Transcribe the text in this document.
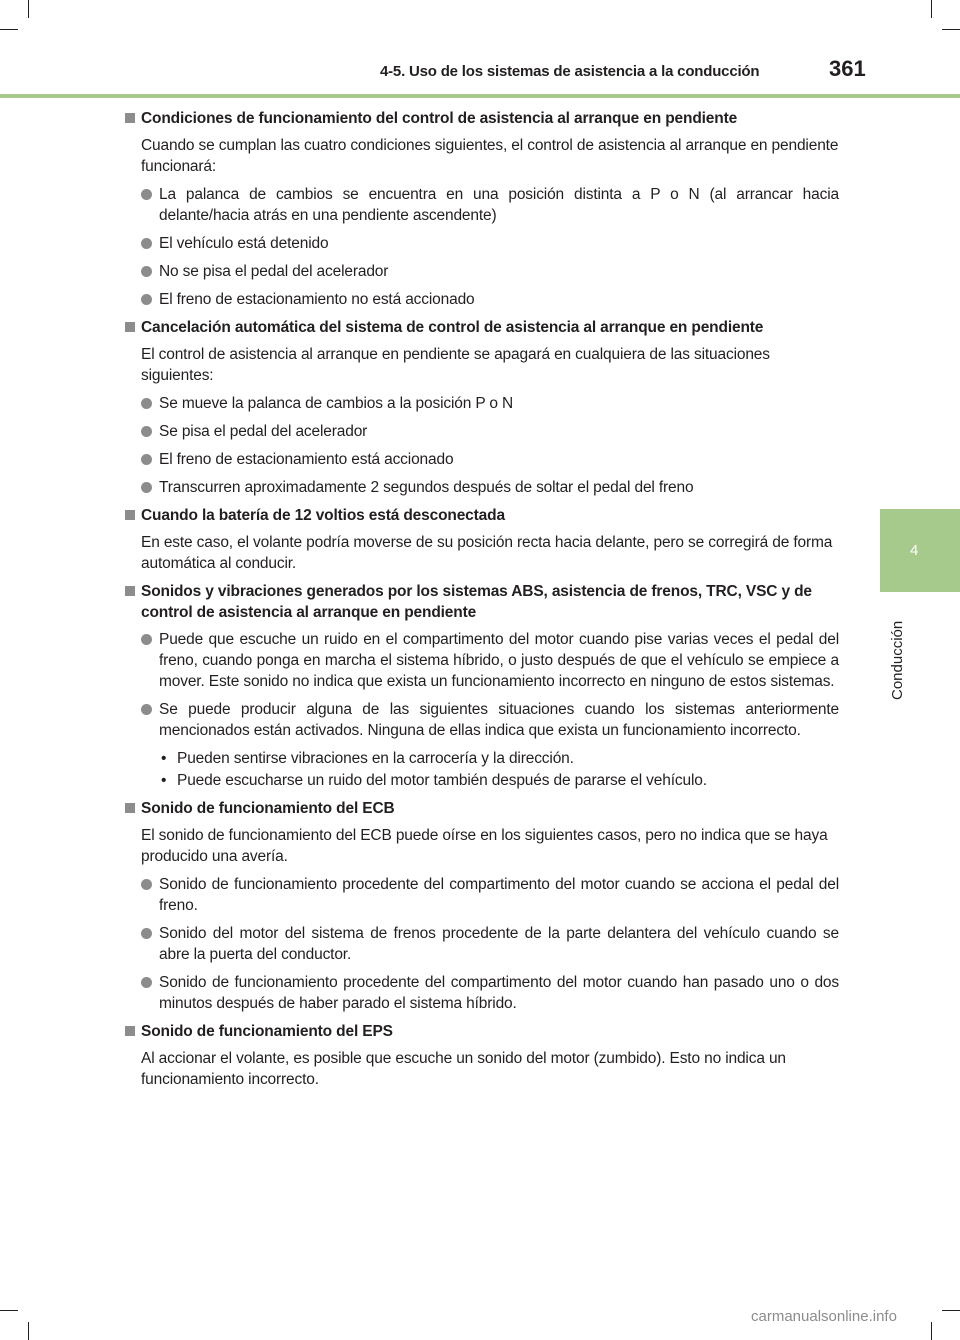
4-5. Uso de los sistemas de asistencia a la conducción	361
4
Conducción
Condiciones de funcionamiento del control de asistencia al arranque en pendiente
Cuando se cumplan las cuatro condiciones siguientes, el control de asistencia al arranque en pendiente funcionará:
La palanca de cambios se encuentra en una posición distinta a P o N (al arrancar hacia delante/hacia atrás en una pendiente ascendente)
El vehículo está detenido
No se pisa el pedal del acelerador
El freno de estacionamiento no está accionado
Cancelación automática del sistema de control de asistencia al arranque en pendiente
El control de asistencia al arranque en pendiente se apagará en cualquiera de las situaciones siguientes:
Se mueve la palanca de cambios a la posición P o N
Se pisa el pedal del acelerador
El freno de estacionamiento está accionado
Transcurren aproximadamente 2 segundos después de soltar el pedal del freno
Cuando la batería de 12 voltios está desconectada
En este caso, el volante podría moverse de su posición recta hacia delante, pero se corregirá de forma automática al conducir.
Sonidos y vibraciones generados por los sistemas ABS, asistencia de frenos, TRC, VSC y de control de asistencia al arranque en pendiente
Puede que escuche un ruido en el compartimento del motor cuando pise varias veces el pedal del freno, cuando ponga en marcha el sistema híbrido, o justo después de que el vehículo se empiece a mover. Este sonido no indica que exista un funcionamiento incorrecto en ninguno de estos sistemas.
Se puede producir alguna de las siguientes situaciones cuando los sistemas anteriormente mencionados están activados. Ninguna de ellas indica que exista un funcionamiento incorrecto.
• Pueden sentirse vibraciones en la carrocería y la dirección.
• Puede escucharse un ruido del motor también después de pararse el vehículo.
Sonido de funcionamiento del ECB
El sonido de funcionamiento del ECB puede oírse en los siguientes casos, pero no indica que se haya producido una avería.
Sonido de funcionamiento procedente del compartimento del motor cuando se acciona el pedal del freno.
Sonido del motor del sistema de frenos procedente de la parte delantera del vehículo cuando se abre la puerta del conductor.
Sonido de funcionamiento procedente del compartimento del motor cuando han pasado uno o dos minutos después de haber parado el sistema híbrido.
Sonido de funcionamiento del EPS
Al accionar el volante, es posible que escuche un sonido del motor (zumbido). Esto no indica un funcionamiento incorrecto.
carmanualsonline.info
